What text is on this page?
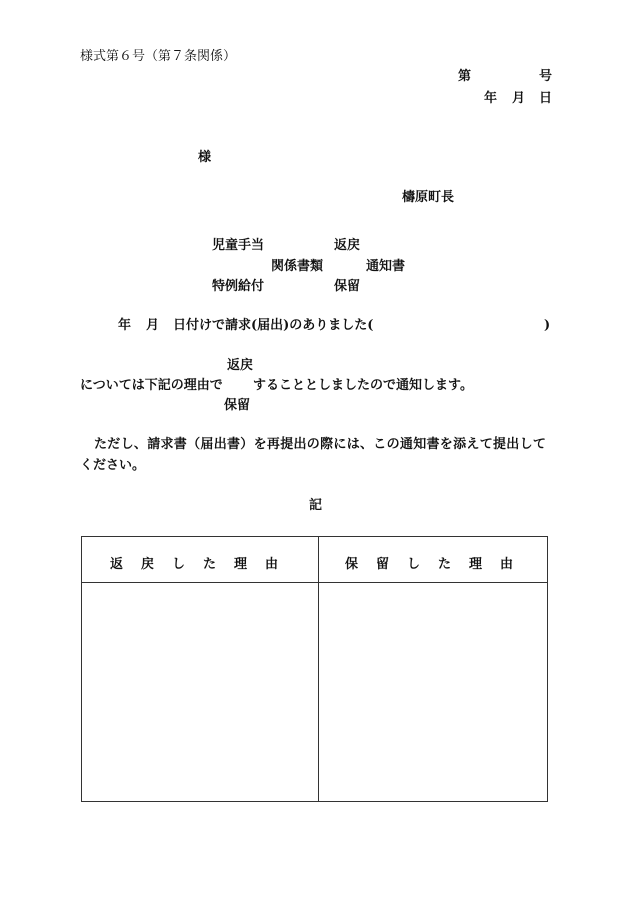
様式第６号（第７条関係）
第	号
年 月 日
様
檮原町長
児童手当	返戻
関係書類	通知書
特例給付	保留
年 月 日付けで請求(届出)のありました(	)
返戻
については下記の理由で することとしましたので通知します。
保留
ただし、請求書（届出書）を再提出の際には、この通知書を添えて提出して
ください。
記
返戻した理由	保留した理由
